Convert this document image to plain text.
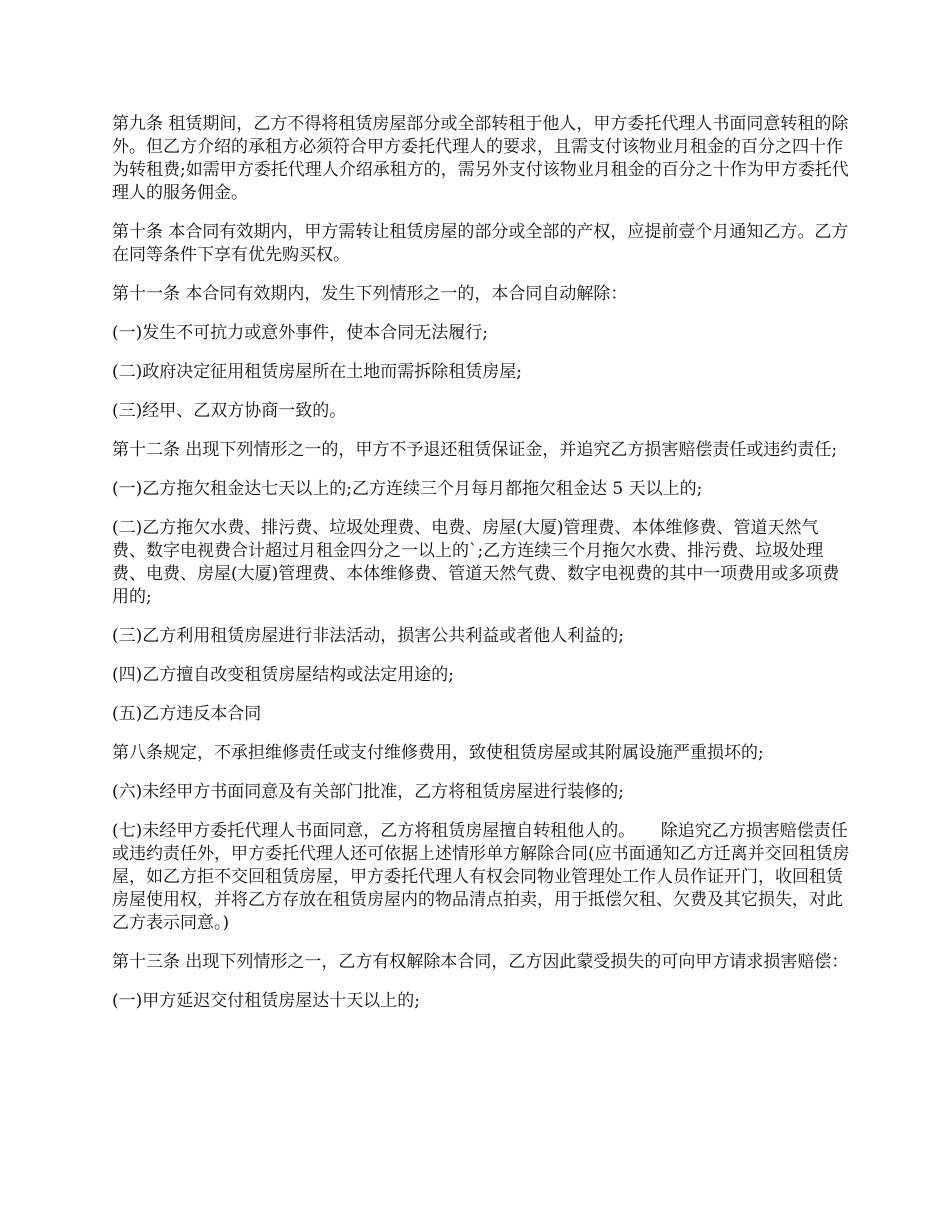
第九条 租赁期间，乙方不得将租赁房屋部分或全部转租于他人，甲方委托代理人书面同意转租的除外。但乙方介绍的承租方必须符合甲方委托代理人的要求，且需支付该物业月租金的百分之四十作为转租费;如需甲方委托代理人介绍承租方的，需另外支付该物业月租金的百分之十作为甲方委托代理人的服务佣金。

第十条 本合同有效期内，甲方需转让租赁房屋的部分或全部的产权，应提前壹个月通知乙方。乙方在同等条件下享有优先购买权。

第十一条 本合同有效期内，发生下列情形之一的，本合同自动解除：

(一)发生不可抗力或意外事件，使本合同无法履行;

(二)政府决定征用租赁房屋所在土地而需拆除租赁房屋;

(三)经甲、乙双方协商一致的。

第十二条 出现下列情形之一的，甲方不予退还租赁保证金，并追究乙方损害赔偿责任或违约责任;

(一)乙方拖欠租金达七天以上的;乙方连续三个月每月都拖欠租金达 5 天以上的;

(二)乙方拖欠水费、排污费、垃圾处理费、电费、房屋(大厦)管理费、本体维修费、管道天然气费、数字电视费合计超过月租金四分之一以上的`;乙方连续三个月拖欠水费、排污费、垃圾处理费、电费、房屋(大厦)管理费、本体维修费、管道天然气费、数字电视费的其中一项费用或多项费用的;

(三)乙方利用租赁房屋进行非法活动，损害公共利益或者他人利益的;

(四)乙方擅自改变租赁房屋结构或法定用途的;

(五)乙方违反本合同

第八条规定，不承担维修责任或支付维修费用，致使租赁房屋或其附属设施严重损坏的;

(六)未经甲方书面同意及有关部门批准，乙方将租赁房屋进行装修的;

(七)未经甲方委托代理人书面同意，乙方将租赁房屋擅自转租他人的。　　除追究乙方损害赔偿责任或违约责任外，甲方委托代理人还可依据上述情形单方解除合同(应书面通知乙方迁离并交回租赁房屋，如乙方拒不交回租赁房屋，甲方委托代理人有权会同物业管理处工作人员作证开门，收回租赁房屋使用权，并将乙方存放在租赁房屋内的物品清点拍卖，用于抵偿欠租、欠费及其它损失，对此乙方表示同意。)

第十三条 出现下列情形之一，乙方有权解除本合同，乙方因此蒙受损失的可向甲方请求损害赔偿：

(一)甲方延迟交付租赁房屋达十天以上的;
